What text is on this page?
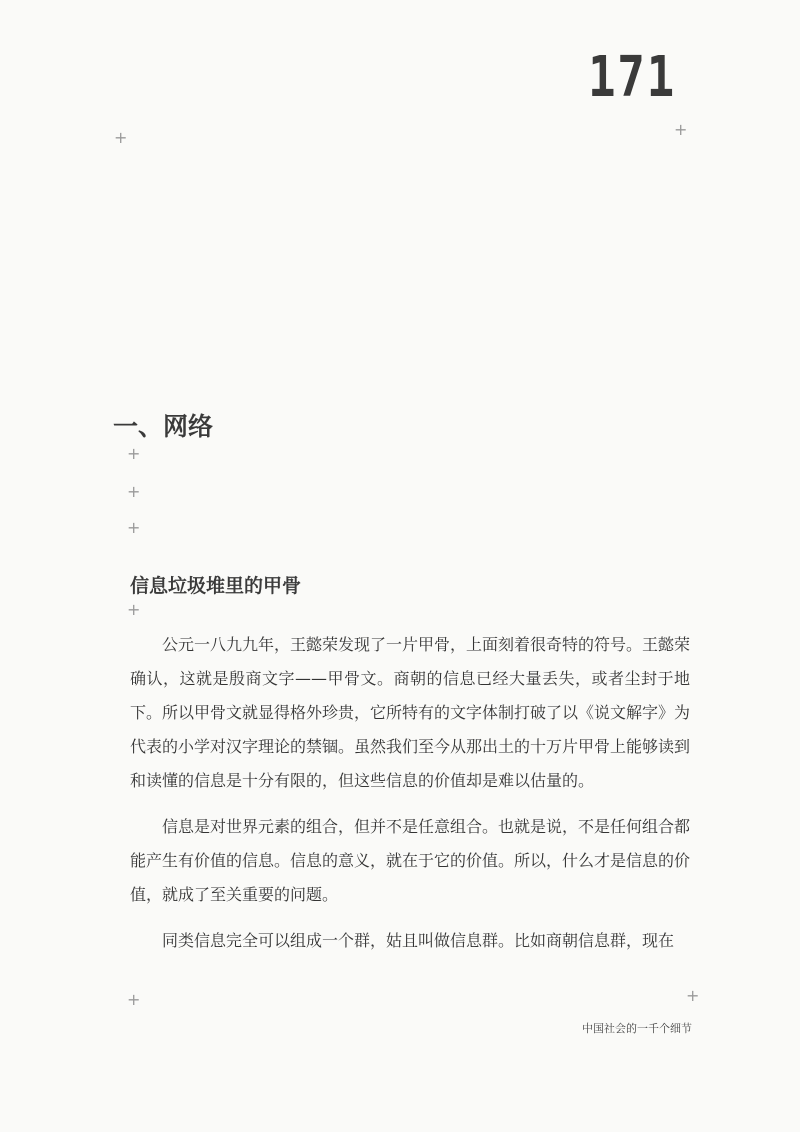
171
+	+
+
+
+
+
+	+
一、网络
信息垃圾堆里的甲骨

公元一八九九年，王懿荣发现了一片甲骨，上面刻着很奇特的符号。王懿荣确认，这就是殷商文字——甲骨文。商朝的信息已经大量丢失，或者尘封于地下。所以甲骨文就显得格外珍贵，它所特有的文字体制打破了以《说文解字》为代表的小学对汉字理论的禁锢。虽然我们至今从那出土的十万片甲骨上能够读到和读懂的信息是十分有限的，但这些信息的价值却是难以估量的。

信息是对世界元素的组合，但并不是任意组合。也就是说，不是任何组合都能产生有价值的信息。信息的意义，就在于它的价值。所以，什么才是信息的价值，就成了至关重要的问题。

同类信息完全可以组成一个群，姑且叫做信息群。比如商朝信息群，现在

中国社会的一千个细节
